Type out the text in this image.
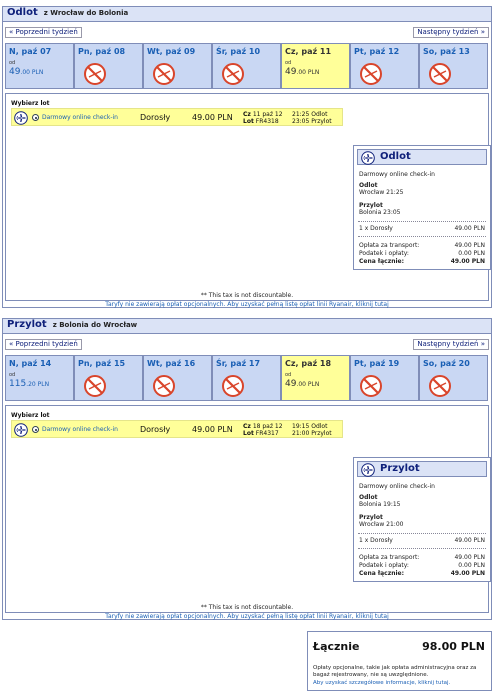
Odlot z Wrocław do Bolonia
« Poprzedni tydzień	Następny tydzień »
N, paź 07
od
49.00 PLN
Pn, paź 08	Wt, paź 09	Śr, paź 10	Cz, paź 11
od
49.00 PLN
Pt, paź 12	So, paź 13
Wybierz lot
Darmowy online check-in	Dorosły	49.00 PLN Cz 11 paź 12
Lot FR4318
21:25 Odlot
23:05 Przylot
Odlot
Darmowy online check-in
Odlot
Wrocław 21:25
Przylot
Bolonia 23:05
1 x Dorosły	49.00 PLN
Opłata za transport:	49.00 PLN
Podatek i opłaty:	0.00 PLN
Cena łącznie:	49.00 PLN
** This tax is not discountable.
Taryfy nie zawierają opłat opcjonalnych. Aby uzyskać pełną listę opłat linii Ryanair, kliknij tutaj
Przylot z Bolonia do Wrocław
« Poprzedni tydzień	Następny tydzień »
N, paź 14
od
115.20 PLN
Pn, paź 15	Wt, paź 16	Śr, paź 17	Cz, paź 18
od
49.00 PLN
Pt, paź 19	So, paź 20
Wybierz lot
Darmowy online check-in	Dorosły	49.00 PLN Cz 18 paź 12
Lot FR4317
19:15 Odlot
21:00 Przylot
Przylot
Darmowy online check-in
Odlot
Bolonia 19:15
Przylot
Wrocław 21:00
1 x Dorosły	49.00 PLN
Opłata za transport:	49.00 PLN
Podatek i opłaty:	0.00 PLN
Cena łącznie:	49.00 PLN
** This tax is not discountable.
Taryfy nie zawierają opłat opcjonalnych. Aby uzyskać pełną listę opłat linii Ryanair, kliknij tutaj
Łącznie	98.00 PLN
Opłaty opcjonalne, takie jak opłata administracyjna oraz za bagaż rejestrowany, nie są uwzględnione.
Aby uzyskać szczegółowe informacje, kliknij tutaj.
